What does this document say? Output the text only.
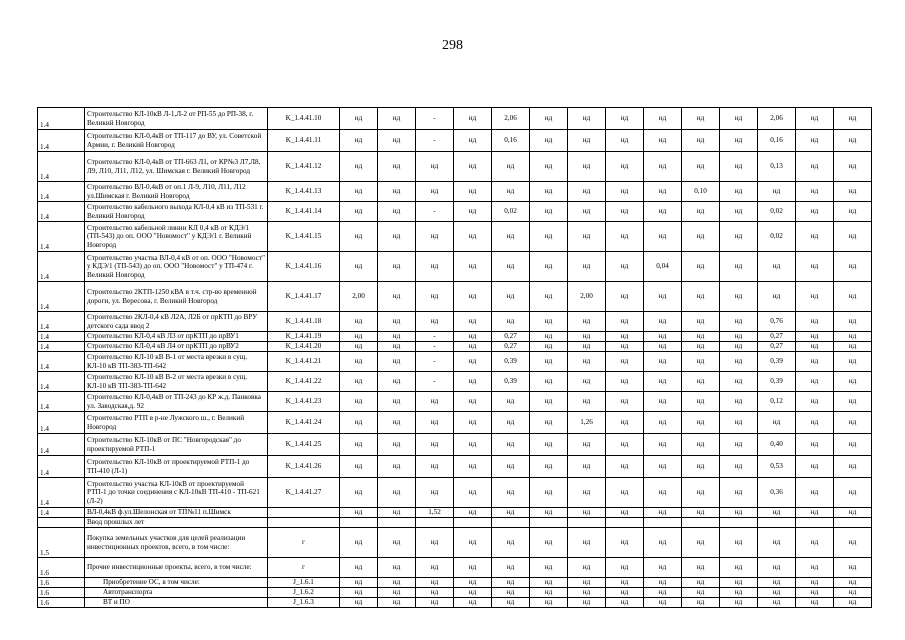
298
1.4	Строительство КЛ-10кВ Л-1,Л-2 от РП-55 до РП-38, г. Великий Новгород	K_1.4.41.10	нд	нд	-	нд	2,06	нд	нд	нд	нд	нд	нд	2,06	нд	нд
1.4	Строительство КЛ-0,4кВ от ТП-117 до ВУ, ул. Советской Армии, г. Великий Новгород	K_1.4.41.11	нд	нд	-	нд	0,16	нд	нд	нд	нд	нд	нд	0,16	нд	нд
1.4	Строительство КЛ-0,4кВ от ТП-663 Л1, от КР№3 Л7,Л8, Л9, Л10, Л11, Л12, ул. Шимская г. Великий Новгород	K_1.4.41.12	нд	нд	нд	нд	нд	нд	нд	нд	нд	нд	нд	0,13	нд	нд
1.4	Строительство ВЛ-0,4кВ от оп.1 Л-9, Л10, Л11, Л12 ул.Шимская г. Великий Новгород	K_1.4.41.13	нд	нд	нд	нд	нд	нд	нд	нд	нд	0,10	нд	нд	нд	нд
1.4	Строительство кабельного выхода КЛ-0,4 кВ из ТП-531 г. Великий Новгород	K_1.4.41.14	нд	нд	-	нд	0,02	нд	нд	нд	нд	нд	нд	0,02	нд	нд
1.4	Строительство кабельной линии КЛ 0,4 кВ от КДЭ/1 (ТП-543) до оп. ООО "Новомост" у КДЭ/1 г. Великий Новгород	K_1.4.41.15	нд	нд	нд	нд	нд	нд	нд	нд	нд	нд	нд	0,02	нд	нд
1.4	Строительство участка ВЛ-0,4 кВ от оп. ООО "Новомост" у КДЭ/1 (ТП-543) до оп. ООО "Новомост" у ТП-474 г. Великий Новгород	K_1.4.41.16	нд	нд	нд	нд	нд	нд	нд	нд	0,04	нд	нд	нд	нд	нд
1.4	Строительство 2КТП-1250 кВА в т.ч. стр-во временной дороги, ул. Вересова, г. Великий Новгород	K_1.4.41.17	2,00	нд	нд	нд	нд	нд	2,00	нд	нд	нд	нд	нд	нд	нд
1.4	Строительство 2КЛ-0,4 кВ Л2А, Л2Б от прКТП до ВРУ детского сада ввод 2	K_1.4.41.18	нд	нд	нд	нд	нд	нд	нд	нд	нд	нд	нд	0,76	нд	нд
1.4	Строительство КЛ-0,4 кВ Л3 от прКТП до прВУ1	K_1.4.41.19	нд	нд	-	нд	0,27	нд	нд	нд	нд	нд	нд	0,27	нд	нд
1.4	Строительство КЛ-0,4 кВ Л4 от прКТП до прВУ2	K_1.4.41.20	нд	нд	-	нд	0,27	нд	нд	нд	нд	нд	нд	0,27	нд	нд
1.4	Строительство КЛ-10 кВ В-1 от места врезки в сущ. КЛ-10 кВ ТП-383-ТП-642	K_1.4.41.21	нд	нд	-	нд	0,39	нд	нд	нд	нд	нд	нд	0,39	нд	нд
1.4	Строительство КЛ-10 кВ В-2 от места врезки в сущ. КЛ-10 кВ ТП-383-ТП-642	K_1.4.41.22	нд	нд	-	нд	0,39	нд	нд	нд	нд	нд	нд	0,39	нд	нд
1.4	Строительство КЛ-0,4кВ от ТП-243 до КР ж.д. Панковка ул. Заводская,д. 92	K_1.4.41.23	нд	нд	нд	нд	нд	нд	нд	нд	нд	нд	нд	0,12	нд	нд
1.4	Строительство РТП в р-не Лужского ш., г. Великий Новгород	K_1.4.41.24	нд	нд	нд	нд	нд	нд	1,26	нд	нд	нд	нд	нд	нд	нд
1.4	Строительство КЛ-10кВ от ПС "Новгородская" до проектируемой РТП-1	K_1.4.41.25	нд	нд	нд	нд	нд	нд	нд	нд	нд	нд	нд	0,40	нд	нд
1.4	Строительство КЛ-10кВ от проектируемой РТП-1 до ТП-410 (Л-1)	K_1.4.41.26	нд	нд	нд	нд	нд	нд	нд	нд	нд	нд	нд	0,53	нд	нд
1.4	Строительство участка КЛ-10кВ от проектируемой РТП-1 до точки соединения с КЛ-10кВ ТП-410 - ТП-621 (Л-2)	K_1.4.41.27	нд	нд	нд	нд	нд	нд	нд	нд	нд	нд	нд	0,36	нд	нд
1.4	ВЛ-0,4кВ ф.ул.Шелонская от ТП№11 п.Шимск		нд	нд	1,52	нд	нд	нд	нд	нд	нд	нд	нд	нд	нд	нд
	Ввод прошлых лет															
1.5	Покупка земельных участков для целей реализации инвестиционных проектов, всего, в том числе:	г	нд	нд	нд	нд	нд	нд	нд	нд	нд	нд	нд	нд	нд	нд
1.6	Прочие инвестиционные проекты, всего, в том числе:	г	нд	нд	нд	нд	нд	нд	нд	нд	нд	нд	нд	нд	нд	нд
1.6	Приобретение ОС, в том числе:	J_1.6.1	нд	нд	нд	нд	нд	нд	нд	нд	нд	нд	нд	нд	нд	нд
1.6	Автотранспорта	J_1.6.2	нд	нд	нд	нд	нд	нд	нд	нд	нд	нд	нд	нд	нд	нд
1.6	ВТ и ПО	J_1.6.3	нд	нд	нд	нд	нд	нд	нд	нд	нд	нд	нд	нд	нд	нд
